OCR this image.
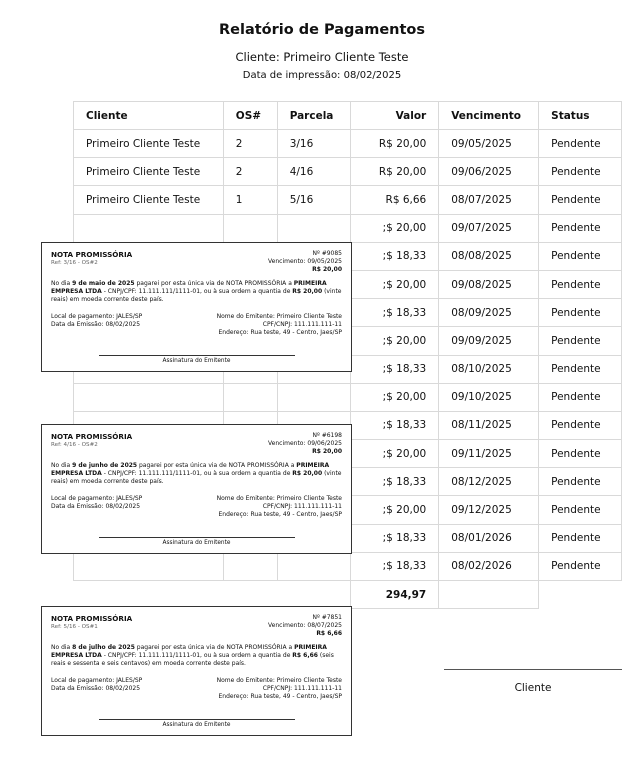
Relatório de Pagamentos
Cliente: Primeiro Cliente Teste
Data de impressão: 08/02/2025
Cliente	OS#	Parcela	Valor	Vencimento	Status
Primeiro Cliente Teste	2	3/16	R$ 20,00	09/05/2025	Pendente
Primeiro Cliente Teste	2	4/16	R$ 20,00	09/06/2025	Pendente
Primeiro Cliente Teste	1	5/16	R$ 6,66	08/07/2025	Pendente
			;$ 20,00	09/07/2025	Pendente
			;$ 18,33	08/08/2025	Pendente
			;$ 20,00	09/08/2025	Pendente
			;$ 18,33	08/09/2025	Pendente
			;$ 20,00	09/09/2025	Pendente
			;$ 18,33	08/10/2025	Pendente
			;$ 20,00	09/10/2025	Pendente
			;$ 18,33	08/11/2025	Pendente
			;$ 20,00	09/11/2025	Pendente
			;$ 18,33	08/12/2025	Pendente
			;$ 20,00	09/12/2025	Pendente
			;$ 18,33	08/01/2026	Pendente
			;$ 18,33	08/02/2026	Pendente
			294,97		
Cliente
NOTA PROMISSÓRIA
Ref: 3/16 - OS#2
Nº #9085
Vencimento: 09/05/2025
R$ 20,00
No dia 9 de maio de 2025 pagarei por esta única via de NOTA PROMISSÓRIA a PRIMEIRA EMPRESA LTDA - CNPJ/CPF: 11.111.111/1111-01, ou à sua ordem a quantia de R$ 20,00 (vinte reais) em moeda corrente deste país.
Local de pagamento: JALES/SP
Data da Emissão: 08/02/2025
Nome do Emitente: Primeiro Cliente Teste
CPF/CNPJ: 111.111.111-11
Endereço: Rua teste, 49 - Centro, Jaes/SP
Assinatura do Emitente
NOTA PROMISSÓRIA
Ref: 4/16 - OS#2
Nº #6198
Vencimento: 09/06/2025
R$ 20,00
No dia 9 de junho de 2025 pagarei por esta única via de NOTA PROMISSÓRIA a PRIMEIRA EMPRESA LTDA - CNPJ/CPF: 11.111.111/1111-01, ou à sua ordem a quantia de R$ 20,00 (vinte reais) em moeda corrente deste país.
Local de pagamento: JALES/SP
Data da Emissão: 08/02/2025
Nome do Emitente: Primeiro Cliente Teste
CPF/CNPJ: 111.111.111-11
Endereço: Rua teste, 49 - Centro, Jaes/SP
Assinatura do Emitente
NOTA PROMISSÓRIA
Ref: 5/16 - OS#1
Nº #7851
Vencimento: 08/07/2025
R$ 6,66
No dia 8 de julho de 2025 pagarei por esta única via de NOTA PROMISSÓRIA a PRIMEIRA EMPRESA LTDA - CNPJ/CPF: 11.111.111/1111-01, ou à sua ordem a quantia de R$ 6,66 (seis reais e sessenta e seis centavos) em moeda corrente deste país.
Local de pagamento: JALES/SP
Data da Emissão: 08/02/2025
Nome do Emitente: Primeiro Cliente Teste
CPF/CNPJ: 111.111.111-11
Endereço: Rua teste, 49 - Centro, Jaes/SP
Assinatura do Emitente
